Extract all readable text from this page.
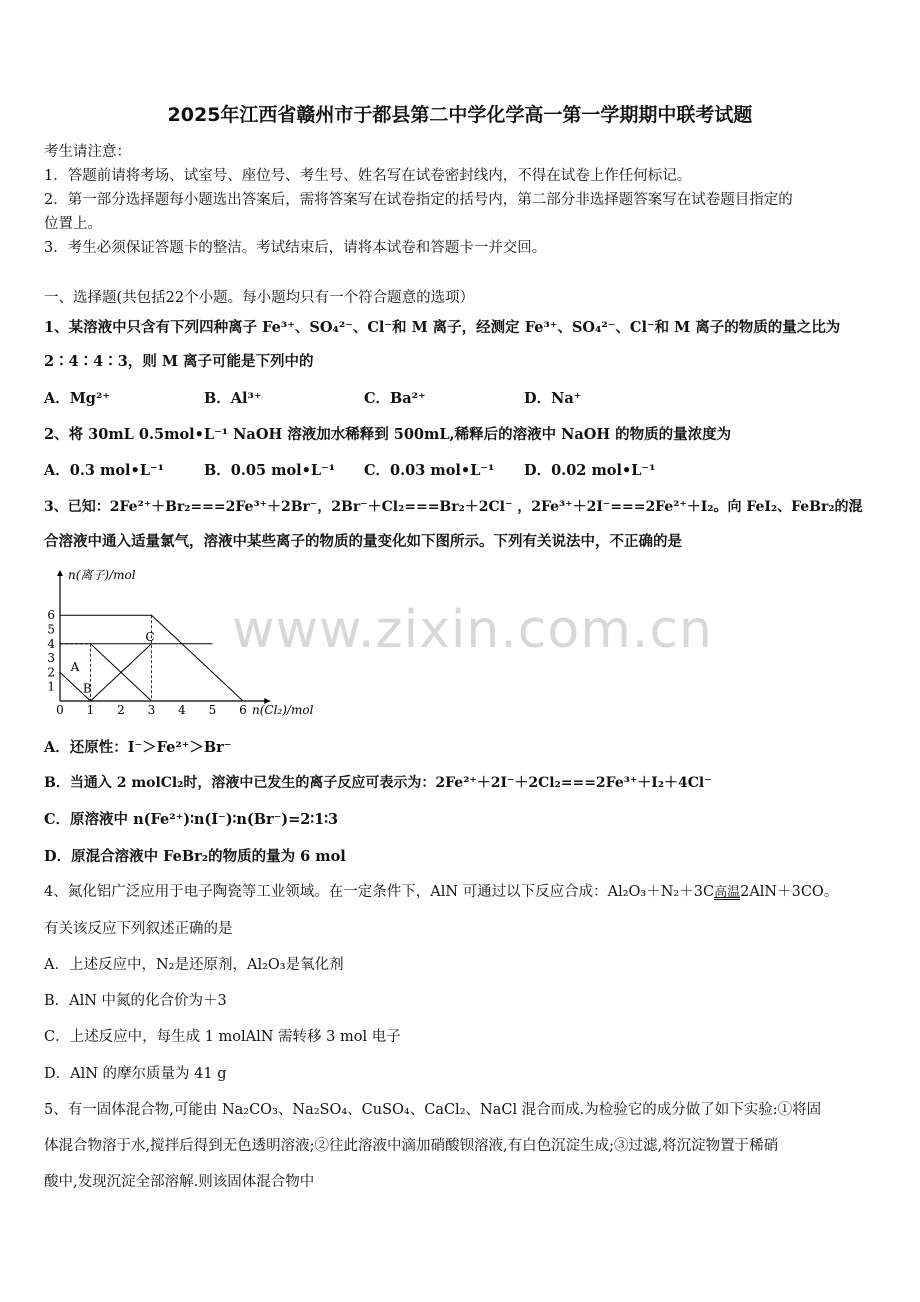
www.zixin.com.cn
2025年江西省赣州市于都县第二中学化学高一第一学期期中联考试题
考生请注意：
1．答题前请将考场、试室号、座位号、考生号、姓名写在试卷密封线内，不得在试卷上作任何标记。
2．第一部分选择题每小题选出答案后，需将答案写在试卷指定的括号内，第二部分非选择题答案写在试卷题目指定的
位置上。
3．考生必须保证答题卡的整洁。考试结束后，请将本试卷和答题卡一并交回。
一、选择题(共包括22个小题。每小题均只有一个符合题意的选项）
1、某溶液中只含有下列四种离子 Fe³⁺、SO₄²⁻、Cl⁻和 M 离子，经测定 Fe³⁺、SO₄²⁻、Cl⁻和 M 离子的物质的量之比为
2∶4∶4∶3，则 M 离子可能是下列中的
A．Mg²⁺	B．Al³⁺	C．Ba²⁺	D．Na⁺
2、将 30mL 0.5mol•L⁻¹ NaOH 溶液加水稀释到 500mL,稀释后的溶液中 NaOH 的物质的量浓度为
A．0.3 mol•L⁻¹	B．0.05 mol•L⁻¹ C．0.03 mol•L⁻¹ D．0.02 mol•L⁻¹
3、已知：2Fe²⁺＋Br₂===2Fe³⁺＋2Br⁻，2Br⁻＋Cl₂===Br₂＋2Cl⁻ ，2Fe³⁺＋2I⁻===2Fe²⁺＋I₂。向 FeI₂、FeBr₂的混
合溶液中通入适量氯气，溶液中某些离子的物质的量变化如下图所示。下列有关说法中，不正确的是
n(离子)/mol
n(Cl₂)/mol
0 1 2 3 4 5 6
1
2
3
4
5
6
A
B
C
A．还原性：I⁻＞Fe²⁺＞Br⁻
B．当通入 2 molCl₂时，溶液中已发生的离子反应可表示为：2Fe²⁺＋2I⁻＋2Cl₂===2Fe³⁺＋I₂＋4Cl⁻
C．原溶液中 n(Fe²⁺)∶n(I⁻)∶n(Br⁻)=2∶1∶3
D．原混合溶液中 FeBr₂的物质的量为 6 mol
4、氮化铝广泛应用于电子陶瓷等工业领域。在一定条件下，AlN 可通过以下反应合成：Al₂O₃＋N₂＋3C高温2AlN＋3CO。
有关该反应下列叙述正确的是
A．上述反应中，N₂是还原剂，Al₂O₃是氧化剂
B．AlN 中氮的化合价为＋3
C．上述反应中，每生成 1 molAlN 需转移 3 mol 电子
D．AlN 的摩尔质量为 41 g
5、有一固体混合物,可能由 Na₂CO₃、Na₂SO₄、CuSO₄、CaCl₂、NaCl 混合而成.为检验它的成分做了如下实验:①将固
体混合物溶于水,搅拌后得到无色透明溶液;②往此溶液中滴加硝酸钡溶液,有白色沉淀生成;③过滤,将沉淀物置于稀硝
酸中,发现沉淀全部溶解.则该固体混合物中
